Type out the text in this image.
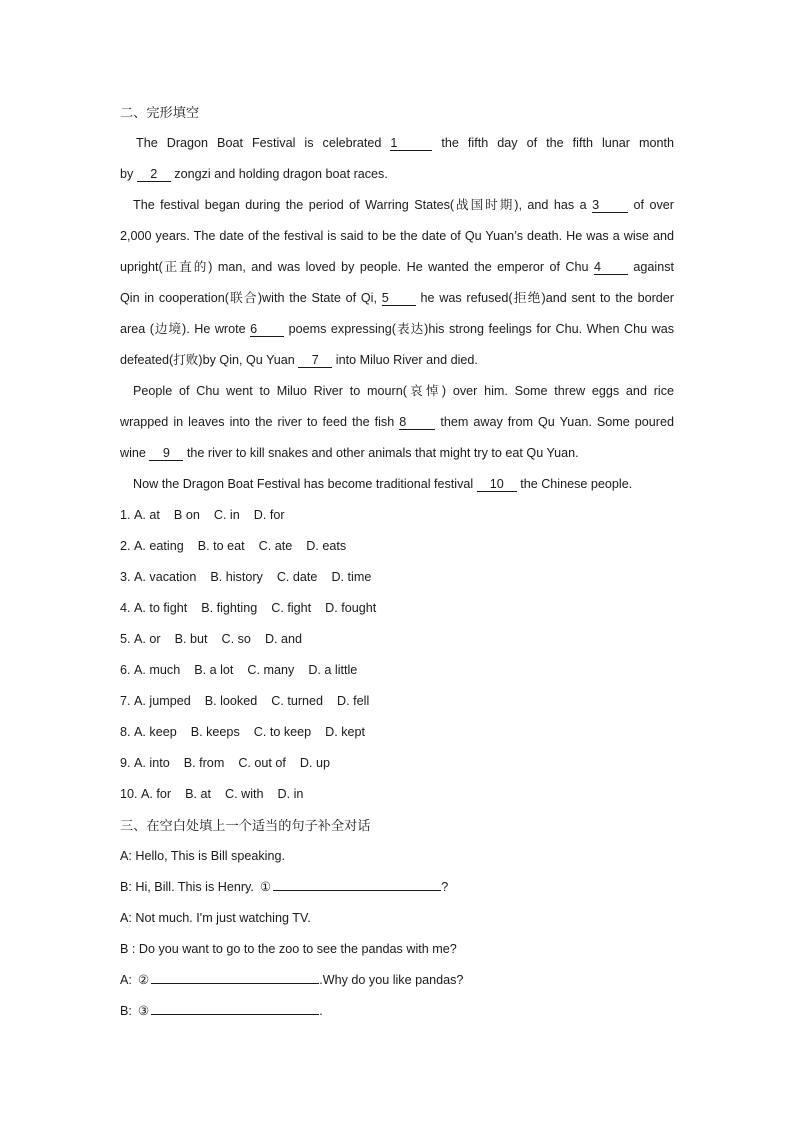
二、完形填空
The Dragon Boat Festival is celebrated 1	the fifth day of the fifth lunar month
by 2 zongzi and holding dragon boat races.
The festival began during the period of Warring States(战国时期), and has a 3 of over
2,000 years. The date of the festival is said to be the date of Qu Yuan’s death. He was a wise and
upright(正直的) man, and was loved by people. He wanted the emperor of Chu 4 against
Qin in cooperation(联合)with the State of Qi, 5 he was refused(拒绝)and sent to the border
area (边境). He wrote 6 poems expressing(表达)his strong feelings for Chu. When Chu was
defeated(打败)by Qin, Qu Yuan 7 into Miluo River and died.
People of Chu went to Miluo River to mourn(哀悼) over him. Some threw eggs and rice
wrapped in leaves into the river to feed the fish 8 them away from Qu Yuan. Some poured
wine 9 the river to kill snakes and other animals that might try to eat Qu Yuan.
Now the Dragon Boat Festival has become traditional festival 10 the Chinese people.
1. A. at B on C. in D. for
2. A. eating B. to eat C. ate D. eats
3. A. vacation B. history C. date D. time
4. A. to fight B. fighting C. fight D. fought
5. A. or B. but C. so D. and
6. A. much B. a lot C. many D. a little
7. A. jumped B. looked C. turned D. fell
8. A. keep B. keeps C. to keep D. kept
9. A. into B. from C. out of D. up
10. A. for B. at C. with D. in
三、在空白处填上一个适当的句子补全对话
A: Hello, This is Bill speaking.
B: Hi, Bill. This is Henry. ①	?
A: Not much. I'm just watching TV.
B : Do you want to go to the zoo to see the pandas with me?
A: ②	.Why do you like pandas?
B: ③	.
